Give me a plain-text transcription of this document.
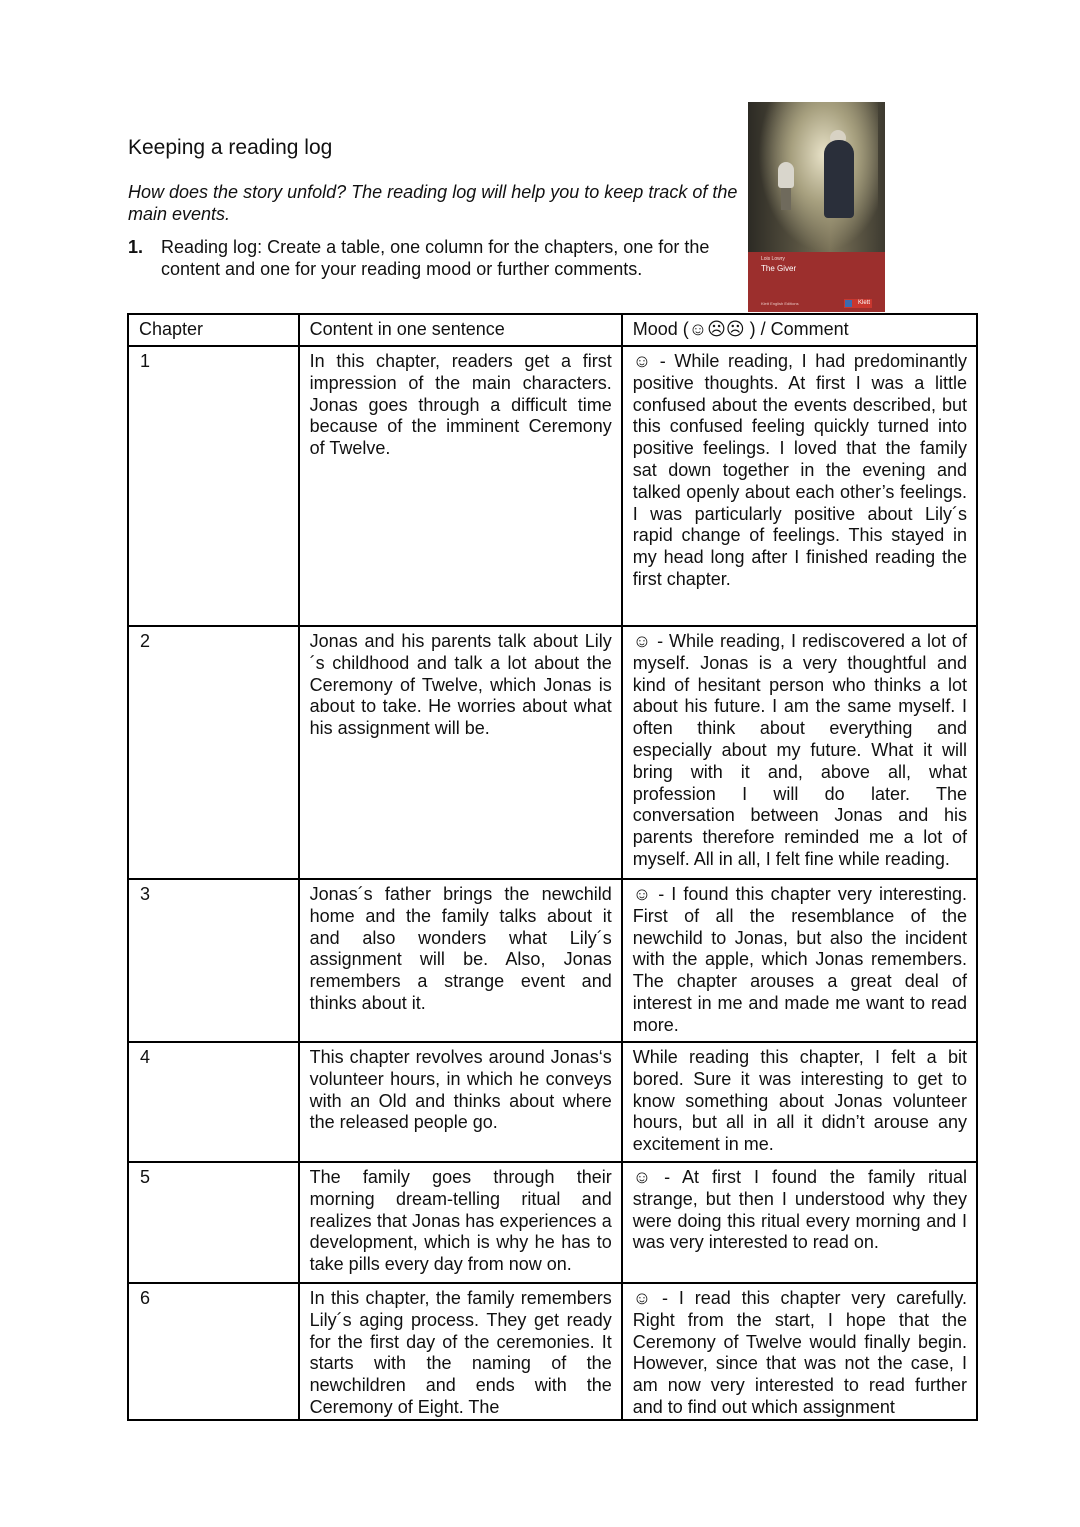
Keeping a reading log
How does the story unfold? The reading log will help you to keep track of the main events.
1. Reading log: Create a table, one column for the chapters, one for the content and one for your reading mood or further comments.	Lois Lowry
The Giver
Klett English Editions	Klett
Chapter	Content in one sentence	Mood (☺☹☹ ) / Comment
1	In this chapter, readers get a first impression of the main characters. Jonas goes through a difficult time because of the imminent Ceremony of Twelve.	☺ - While reading, I had predominantly positive thoughts. At first I was a little confused about the events described, but this confused feeling quickly turned into positive feelings. I loved that the family sat down together in the evening and talked openly about each other’s feelings. I was particularly positive about Lily´s rapid change of feelings. This stayed in my head long after I finished reading the first chapter.
2	Jonas and his parents talk about Lily´s childhood and talk a lot about the Ceremony of Twelve, which Jonas is about to take. He worries about what his assignment will be.	☺ - While reading, I rediscovered a lot of myself. Jonas is a very thoughtful and kind of hesitant person who thinks a lot about his future. I am the same myself. I often think about everything and especially about my future. What it will bring with it and, above all, what profession I will do later. The conversation between Jonas and his parents therefore reminded me a lot of myself. All in all, I felt fine while reading.
3	Jonas´s father brings the newchild home and the family talks about it and also wonders what Lily´s assignment will be. Also, Jonas remembers a strange event and thinks about it.	☺ - I found this chapter very interesting. First of all the resemblance of the newchild to Jonas, but also the incident with the apple, which Jonas remembers. The chapter arouses a great deal of interest in me and made me want to read more.
4	This chapter revolves around Jonas‘s volunteer hours, in which he conveys with an Old and thinks about where the released people go.	While reading this chapter, I felt a bit bored. Sure it was interesting to get to know something about Jonas volunteer hours, but all in all it didn’t arouse any excitement in me.
5	The family goes through their morning dream-telling ritual and realizes that Jonas has experiences a development, which is why he has to take pills every day from now on.	☺ - At first I found the family ritual strange, but then I understood why they were doing this ritual every morning and I was very interested to read on.
6	In this chapter, the family remembers Lily´s aging process. They get ready for the first day of the ceremonies. It starts with the naming of the newchildren and ends with the Ceremony of Eight. The	☺ - I read this chapter very carefully. Right from the start, I hope that the Ceremony of Twelve would finally begin. However, since that was not the case, I am now very interested to read further and to find out which assignment
